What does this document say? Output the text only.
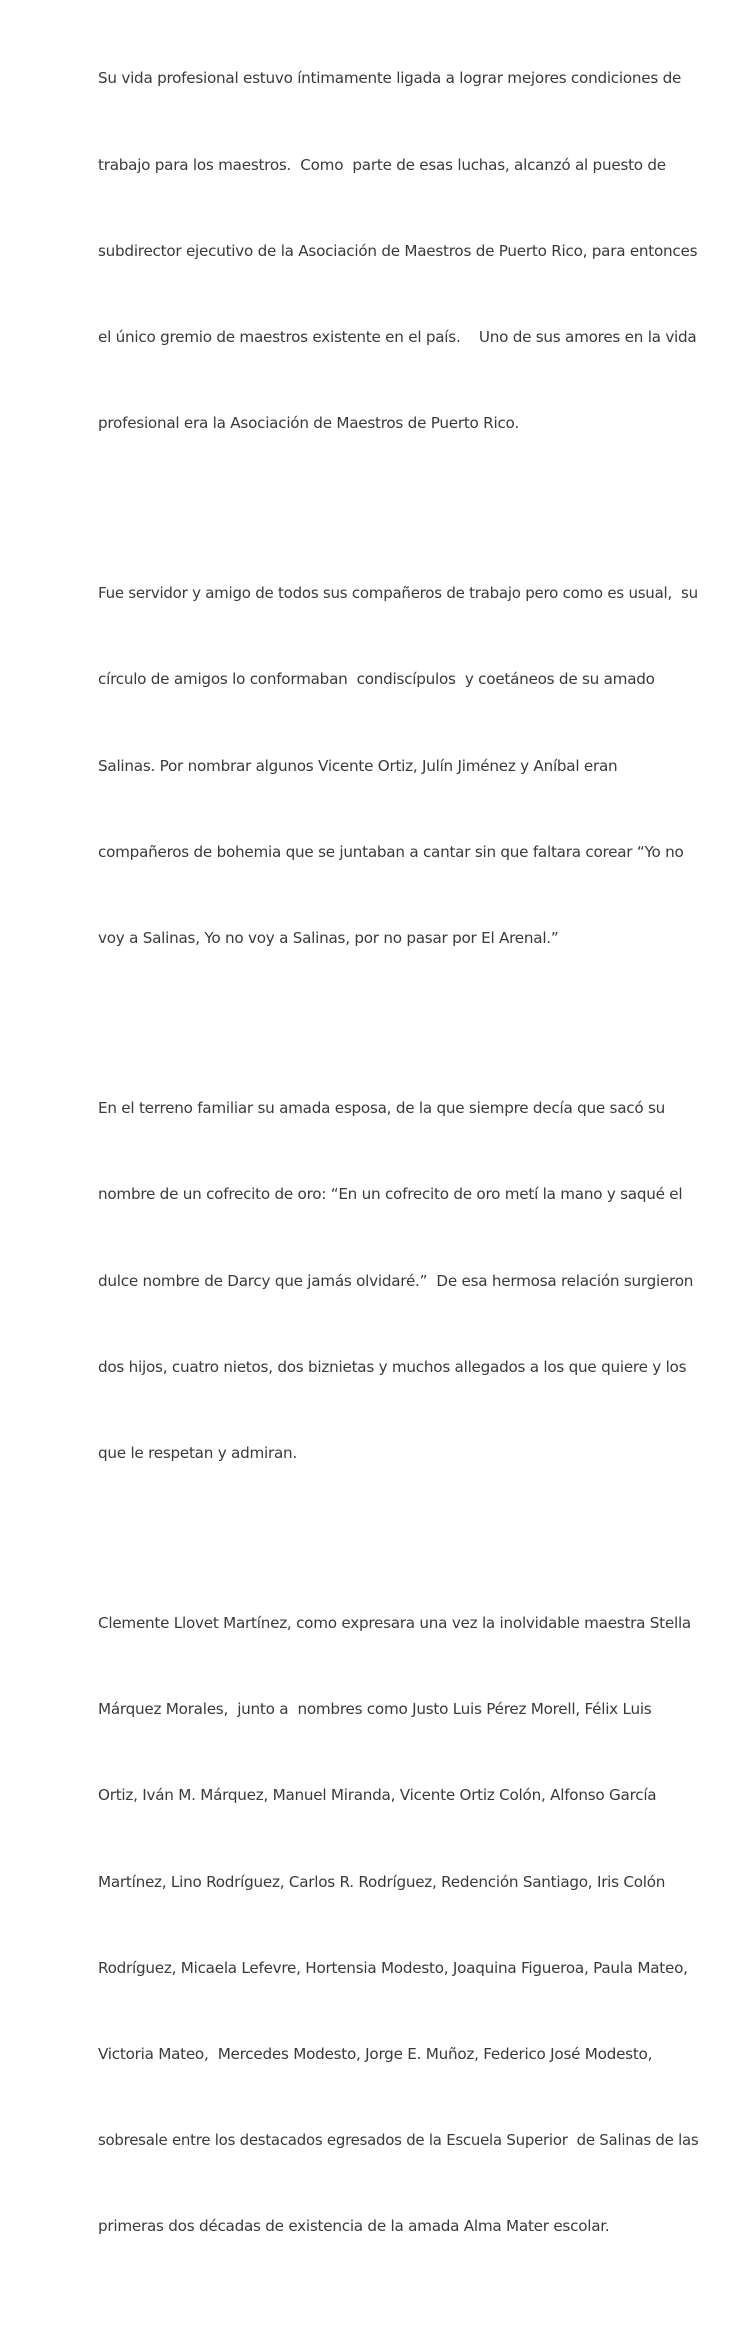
Su vida profesional estuvo íntimamente ligada a lograr mejores condiciones de

trabajo para los maestros.  Como  parte de esas luchas, alcanzó al puesto de

subdirector ejecutivo de la Asociación de Maestros de Puerto Rico, para entonces

el único gremio de maestros existente en el país.    Uno de sus amores en la vida

profesional era la Asociación de Maestros de Puerto Rico.

Fue servidor y amigo de todos sus compañeros de trabajo pero como es usual,  su

círculo de amigos lo conformaban  condiscípulos  y coetáneos de su amado

Salinas. Por nombrar algunos Vicente Ortiz, Julín Jiménez y Aníbal eran

compañeros de bohemia que se juntaban a cantar sin que faltara corear “Yo no

voy a Salinas, Yo no voy a Salinas, por no pasar por El Arenal.”

En el terreno familiar su amada esposa, de la que siempre decía que sacó su

nombre de un cofrecito de oro: “En un cofrecito de oro metí la mano y saqué el

dulce nombre de Darcy que jamás olvidaré.”  De esa hermosa relación surgieron

dos hijos, cuatro nietos, dos biznietas y muchos allegados a los que quiere y los

que le respetan y admiran.

Clemente Llovet Martínez, como expresara una vez la inolvidable maestra Stella

Márquez Morales,  junto a  nombres como Justo Luis Pérez Morell, Félix Luis

Ortiz, Iván M. Márquez, Manuel Miranda, Vicente Ortiz Colón, Alfonso García

Martínez, Lino Rodríguez, Carlos R. Rodríguez, Redención Santiago, Iris Colón

Rodríguez, Micaela Lefevre, Hortensia Modesto, Joaquina Figueroa, Paula Mateo,

Victoria Mateo,  Mercedes Modesto, Jorge E. Muñoz, Federico José Modesto,

sobresale entre los destacados egresados de la Escuela Superior  de Salinas de las

primeras dos décadas de existencia de la amada Alma Mater escolar.
